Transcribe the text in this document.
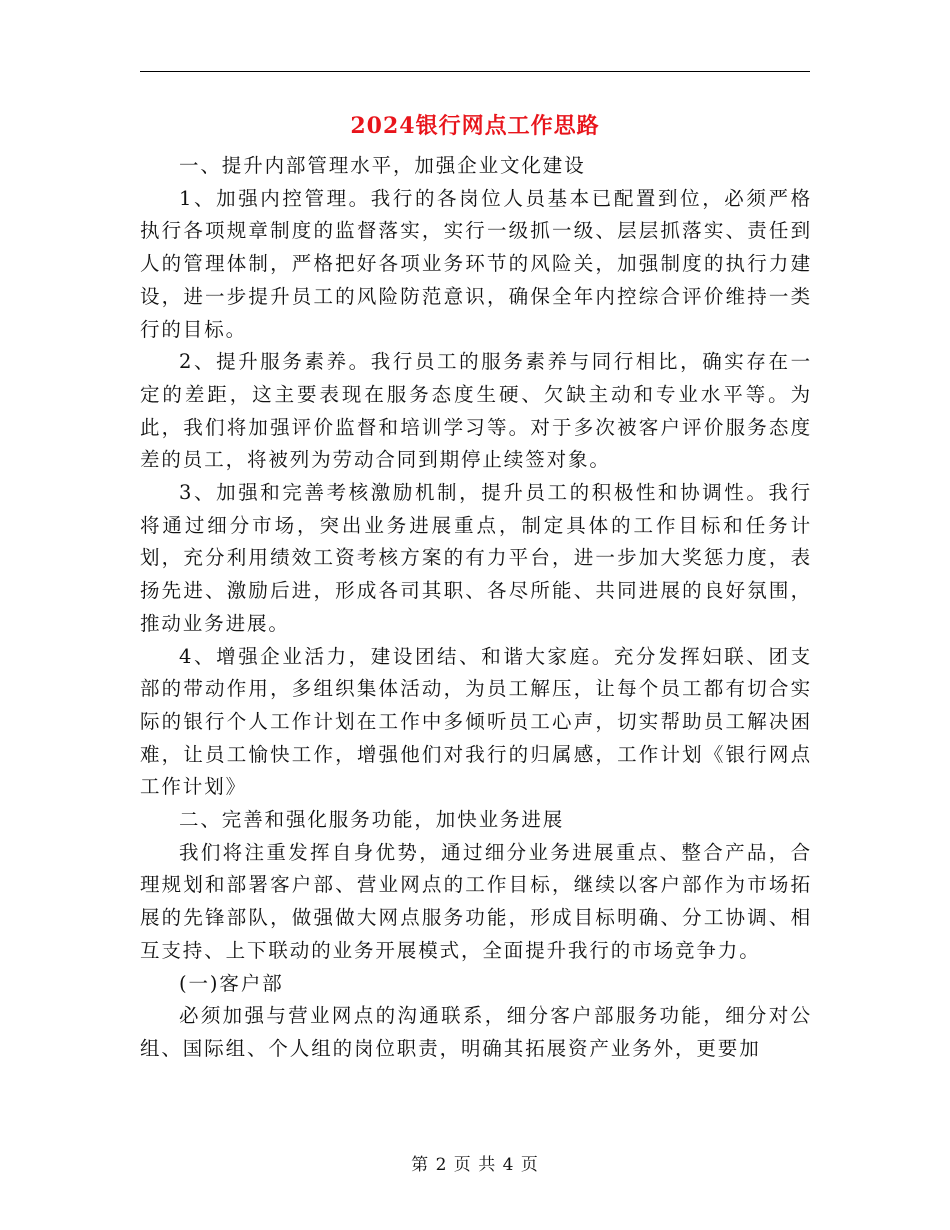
2024银行网点工作思路

一、提升内部管理水平，加强企业文化建设

1、加强内控管理。我行的各岗位人员基本已配置到位，必须严格执行各项规章制度的监督落实，实行一级抓一级、层层抓落实、责任到人的管理体制，严格把好各项业务环节的风险关，加强制度的执行力建设，进一步提升员工的风险防范意识，确保全年内控综合评价维持一类行的目标。

2、提升服务素养。我行员工的服务素养与同行相比，确实存在一定的差距，这主要表现在服务态度生硬、欠缺主动和专业水平等。为此，我们将加强评价监督和培训学习等。对于多次被客户评价服务态度差的员工，将被列为劳动合同到期停止续签对象。

3、加强和完善考核激励机制，提升员工的积极性和协调性。我行将通过细分市场，突出业务进展重点，制定具体的工作目标和任务计划，充分利用绩效工资考核方案的有力平台，进一步加大奖惩力度，表扬先进、激励后进，形成各司其职、各尽所能、共同进展的良好氛围，推动业务进展。

4、增强企业活力，建设团结、和谐大家庭。充分发挥妇联、团支部的带动作用，多组织集体活动，为员工解压，让每个员工都有切合实际的银行个人工作计划在工作中多倾听员工心声，切实帮助员工解决困难，让员工愉快工作，增强他们对我行的归属感，工作计划《银行网点工作计划》

二、完善和强化服务功能，加快业务进展

我们将注重发挥自身优势，通过细分业务进展重点、整合产品，合理规划和部署客户部、营业网点的工作目标，继续以客户部作为市场拓展的先锋部队，做强做大网点服务功能，形成目标明确、分工协调、相互支持、上下联动的业务开展模式，全面提升我行的市场竞争力。

(一)客户部

必须加强与营业网点的沟通联系，细分客户部服务功能，细分对公组、国际组、个人组的岗位职责，明确其拓展资产业务外，更要加

第 2 页 共 4 页
